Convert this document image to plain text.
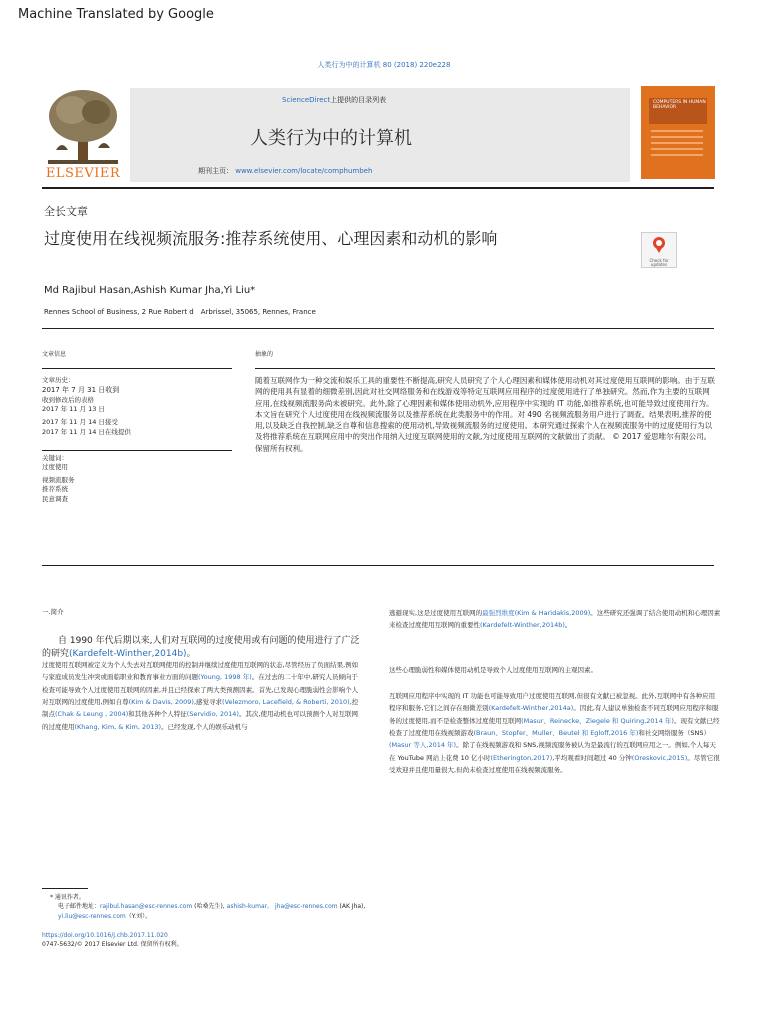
Machine Translated by Google
人类行为中的计算机 80 (2018) 220e228
ELSEVIER
ScienceDirect上提供的目录列表
人类行为中的计算机
期刊主页： www.elsevier.com/locate/comphumbeh
COMPUTERS IN HUMAN BEHAVIOR
全长文章
过度使用在线视频流服务:推荐系统使用、心理因素和动机的影响
Check for updates
Md Rajibul Hasan,Ashish Kumar Jha,Yi Liu*
Rennes School of Business, 2 Rue Robert d　Arbrissel, 35065, Rennes, France
文章信息	抽象的
文章历史：
2017 年 7 月 31 日收到
收到修改后的表格
2017 年 11 月 13 日
2017 年 11 月 14 日接受
2017 年 11 月 14 日在线提供
关键词：
过度使用
视频流服务
推荐系统
民意调查
随着互联网作为一种交流和娱乐工具的重要性不断提高,研究人员研究了个人心理因素和媒体使用动机对其过度使用互联网的影响。由于互联网的使用具有显着的细微差别,因此对社交网络服务和在线游戏等特定互联网应用程序的过度使用进行了单独研究。然而,作为主要的互联网应用,在线视频流服务尚未被研究。此外,除了心理因素和媒体使用动机外,应用程序中实现的 IT 功能,如推荐系统,也可能导致过度使用行为。本文旨在研究个人过度使用在线视频流服务以及推荐系统在此类服务中的作用。对 490 名视频流服务用户进行了调查。结果表明,推荐的使用,以及缺乏自我控制,缺乏自尊和信息搜索的使用动机,导致视频流服务的过度使用。本研究通过探索个人在视频流服务中的过度使用行为以及将推荐系统在互联网应用中的突出作用纳入过度互联网使用的文献,为过度使用互联网的文献做出了贡献。 © 2017 爱思唯尔有限公司。保留所有权利。
一.简介
自 1990 年代后期以来,人们对互联网的过度使用或有问题的使用进行了广泛的研究(Kardefelt-Winther,2014b)。
过度使用互联网被定义为个人失去对互联网使用的控制并继续过度使用互联网的状态,尽管经历了负面结果,例如与家庭成员发生冲突或面临职业和教育事业方面的问题(Young, 1998 年)。在过去的二十年中,研究人员倾向于检查可能导致个人过度使用互联网的因素,并且已经探索了两大类预测因素。首先,已发现心理脆弱性会影响个人对互联网的过度使用,例如自尊(Kim & Davis, 2009),感觉寻求(Velezmoro, Lacefield, & Roberti, 2010),控制点(Chak & Leung , 2004)和其他各种个人特征(Servidio, 2014)。其次,使用动机也可以预测个人对互联网的过度使用(Khang, Kim, & Kim, 2013)。已经发现,个人的娱乐动机与
逃避现实,这是过度使用互联网的最强烈维度(Kim & Haridakis,2009)。这些研究还强调了结合使用动机和心理因素来检查过度使用互联网的重要性(Kardefelt-Winther,2014b)。
这些心理脆弱性和媒体使用动机是导致个人过度使用互联网的主观因素。
互联网应用程序中实现的 IT 功能也可能导致用户过度使用互联网,但很有文献已被忽视。此外,互联网中有各种应用程序和服务,它们之间存在细微差别(Kardefelt-Winther,2014a)。因此,有人建议单独检查不同互联网应用程序和服务的过度使用,而不是检查整体过度使用互联网(Masur、Reinecke、Ziegele 和 Quiring,2014 年)。现有文献已经检查了过度使用在线视频游戏(Braun、Stopfer、Muller、Beutel 和 Egloff,2016 年)和社交网络服务（SNS）(Masur 等人,2014 年)。除了在线视频游戏和 SNS,视频流服务被认为是最流行的互联网应用之一。例如,个人每天在 YouTube 网站上花费 10 亿小时(Etherington,2017),平均观看时间超过 40 分钟(Oreskovic,2015)。尽管它很受欢迎并且使用量很大,但尚未检查过度使用在线视频流服务。
* 通讯作者。
电子邮件地址：rajibul.hasan@esc-rennes.com (哈桑先生), ashish-kumar。 jha@esc-rennes.com (AK Jha), yi.liu@esc-rennes.com（Y.刘）。
https://doi.org/10.1016/j.chb.2017.11.020
0747-5632/© 2017 Elsevier Ltd. 保留所有权利。
